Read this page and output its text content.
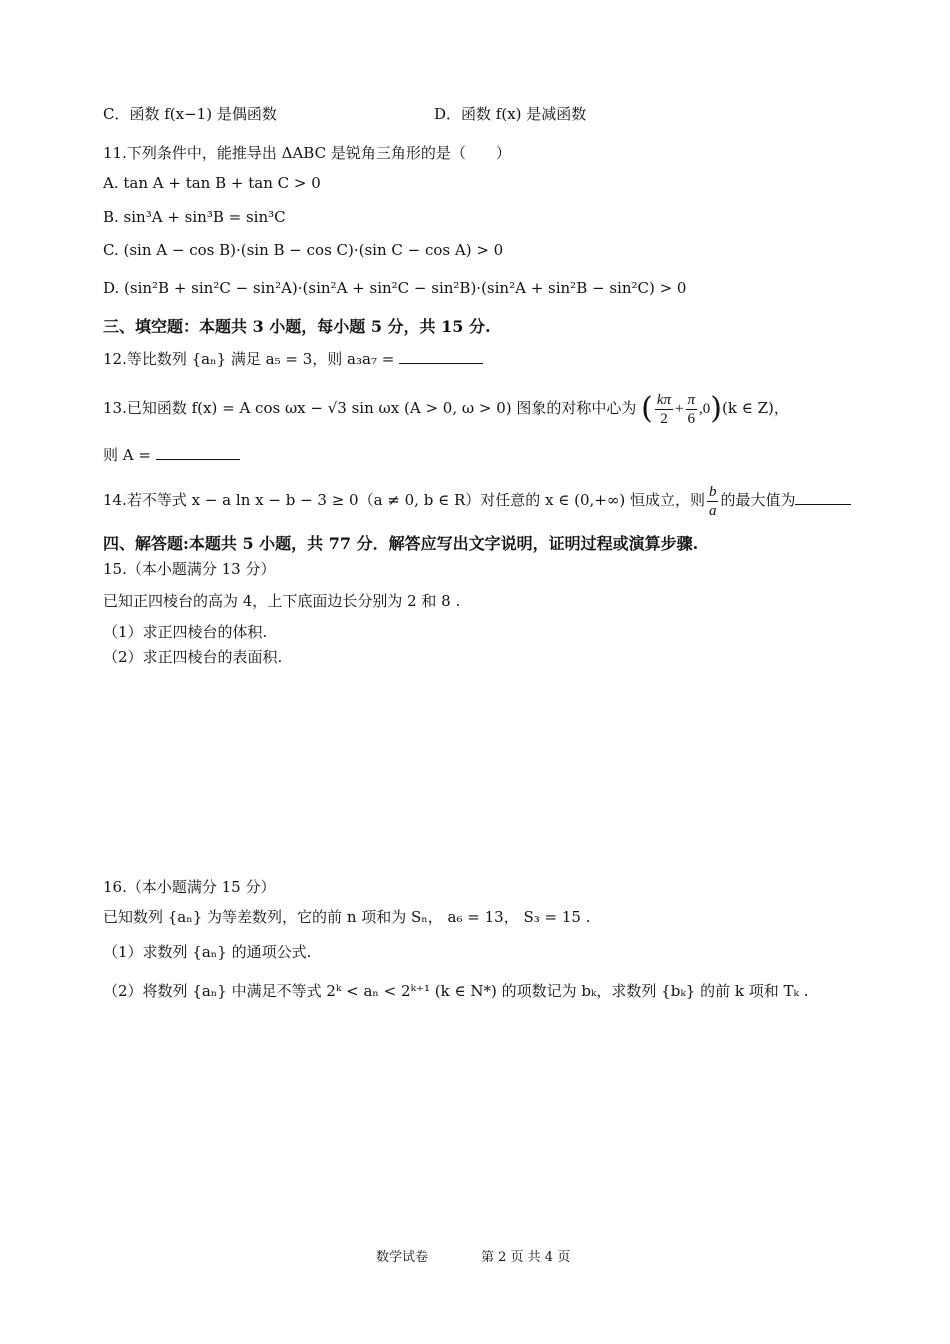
C．函数 f(x−1) 是偶函数	D．函数 f(x) 是减函数
11.下列条件中，能推导出 ΔABC 是锐角三角形的是（　　）
A. tan A + tan B + tan C > 0
B. sin³A + sin³B = sin³C
C. (sin A − cos B)·(sin B − cos C)·(sin C − cos A) > 0
D. (sin²B + sin²C − sin²A)·(sin²A + sin²C − sin²B)·(sin²A + sin²B − sin²C) > 0
三、填空题：本题共 3 小题，每小题 5 分，共 15 分.
12.等比数列 {aₙ} 满足 a₅ = 3，则 a₃a₇ =
13.已知函数 f(x) = A cos ωx − √3 sin ωx (A > 0, ω > 0) 图象的对称中心为 ( $\frac{k\pi}{2} + \frac{\pi}{6} ,0)(k$ ∈ Z)，
则 A =
14.若不等式 x − a ln x − b − 3 ≥ 0（a ≠ 0, b ∈ R）对任意的 x ∈ (0,+∞) 恒成立，则 $\frac{b}{a}$ 的最大值为
四、解答题:本题共 5 小题，共 77 分．解答应写出文字说明，证明过程或演算步骤.
15.（本小题满分 13 分）
已知正四棱台的高为 4，上下底面边长分别为 2 和 8 .
（1）求正四棱台的体积.
（2）求正四棱台的表面积.
16.（本小题满分 15 分）
已知数列 {aₙ} 为等差数列，它的前 n 项和为 Sₙ， a₆ = 13， S₃ = 15 .
（1）求数列 {aₙ} 的通项公式.
（2）将数列 {aₙ} 中满足不等式 2ᵏ < aₙ < 2ᵏ⁺¹ (k ∈ N*) 的项数记为 bₖ，求数列 {bₖ} 的前 k 项和 Tₖ .
数学试卷	第 2 页 共 4 页
